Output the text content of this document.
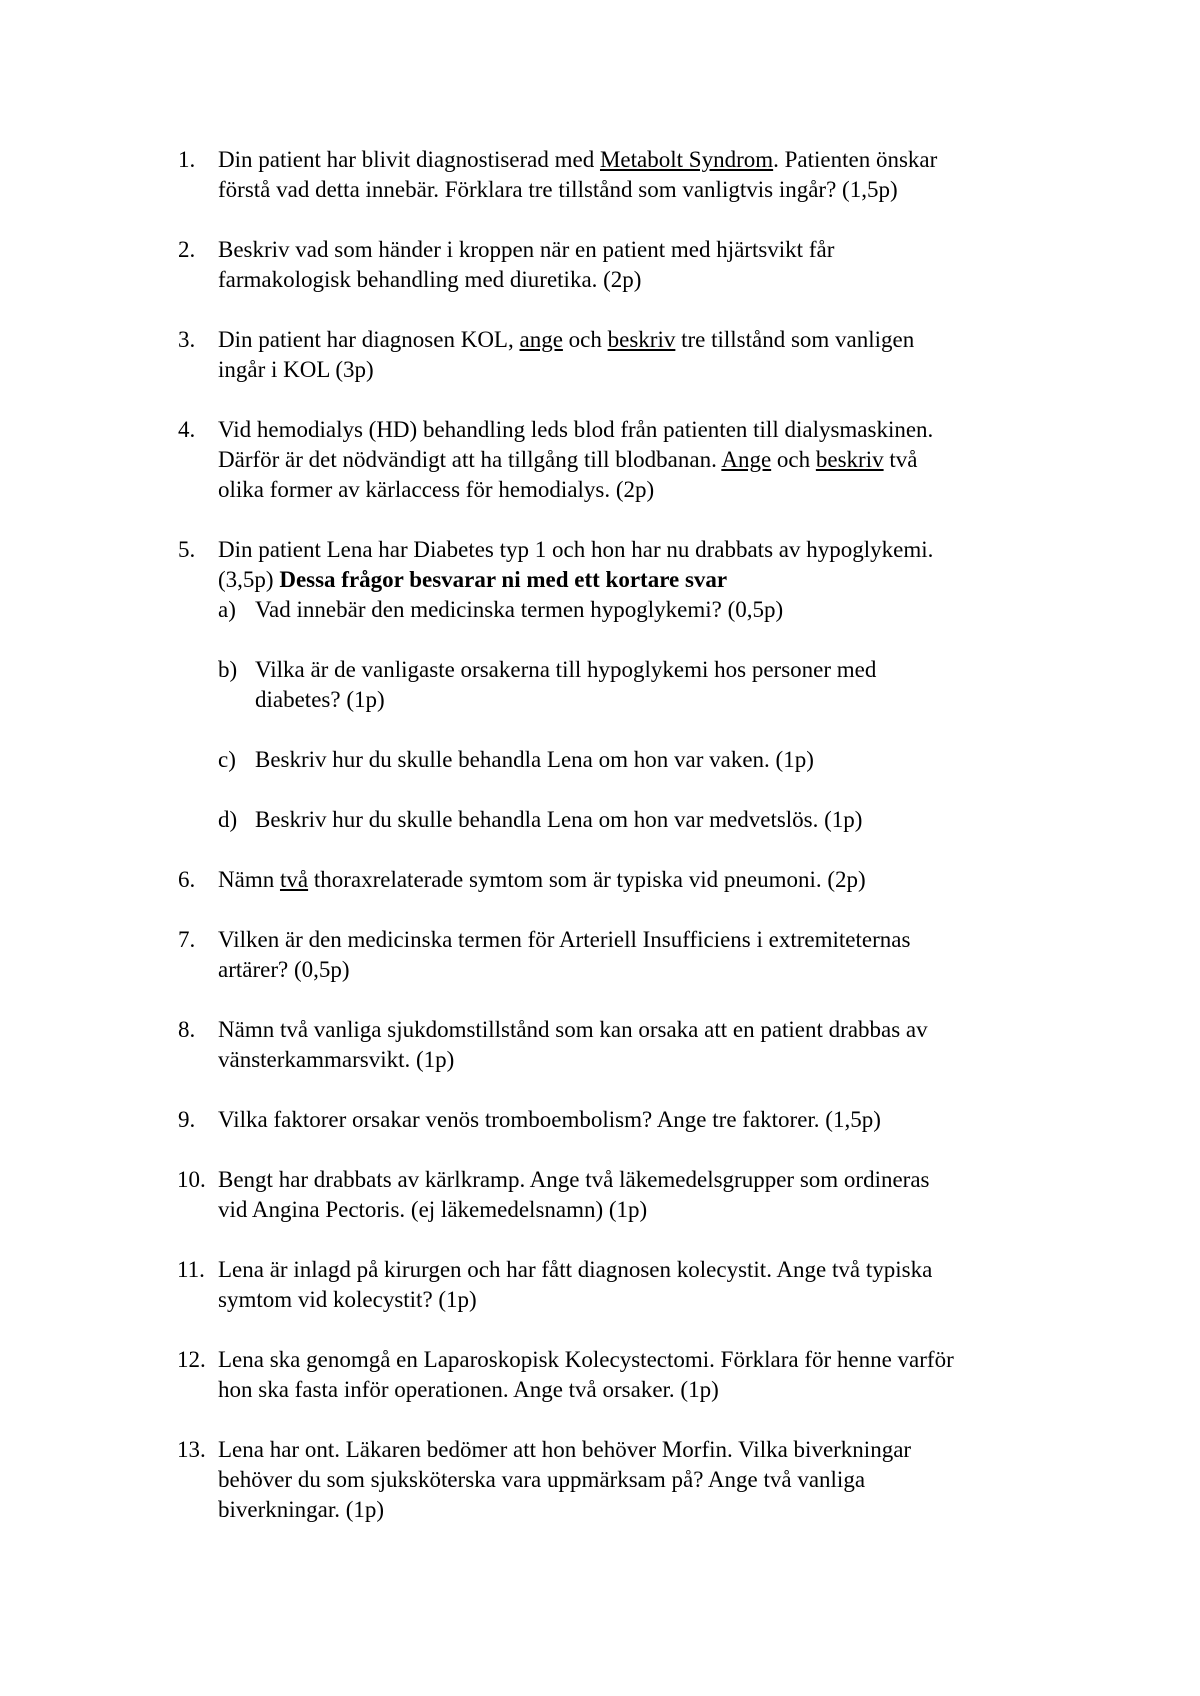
1. Din patient har blivit diagnostiserad med Metabolt Syndrom. Patienten önskar
förstå vad detta innebär. Förklara tre tillstånd som vanligtvis ingår? (1,5p)
2. Beskriv vad som händer i kroppen när en patient med hjärtsvikt får
farmakologisk behandling med diuretika. (2p)
3. Din patient har diagnosen KOL, ange och beskriv tre tillstånd som vanligen
ingår i KOL (3p)
4. Vid hemodialys (HD) behandling leds blod från patienten till dialysmaskinen.
Därför är det nödvändigt att ha tillgång till blodbanan. Ange och beskriv två
olika former av kärlaccess för hemodialys. (2p)
5. Din patient Lena har Diabetes typ 1 och hon har nu drabbats av hypoglykemi.
(3,5p) Dessa frågor besvarar ni med ett kortare svar
a) Vad innebär den medicinska termen hypoglykemi? (0,5p)
b) Vilka är de vanligaste orsakerna till hypoglykemi hos personer med
diabetes? (1p)
c) Beskriv hur du skulle behandla Lena om hon var vaken. (1p)
d) Beskriv hur du skulle behandla Lena om hon var medvetslös. (1p)
6. Nämn två thoraxrelaterade symtom som är typiska vid pneumoni. (2p)
7. Vilken är den medicinska termen för Arteriell Insufficiens i extremiteternas
artärer? (0,5p)
8. Nämn två vanliga sjukdomstillstånd som kan orsaka att en patient drabbas av
vänsterkammarsvikt. (1p)
9. Vilka faktorer orsakar venös tromboembolism? Ange tre faktorer. (1,5p)
10. Bengt har drabbats av kärlkramp. Ange två läkemedelsgrupper som ordineras
vid Angina Pectoris. (ej läkemedelsnamn) (1p)
11. Lena är inlagd på kirurgen och har fått diagnosen kolecystit. Ange två typiska
symtom vid kolecystit? (1p)
12. Lena ska genomgå en Laparoskopisk Kolecystectomi. Förklara för henne varför
hon ska fasta inför operationen. Ange två orsaker. (1p)
13. Lena har ont. Läkaren bedömer att hon behöver Morfin. Vilka biverkningar
behöver du som sjuksköterska vara uppmärksam på? Ange två vanliga
biverkningar. (1p)
